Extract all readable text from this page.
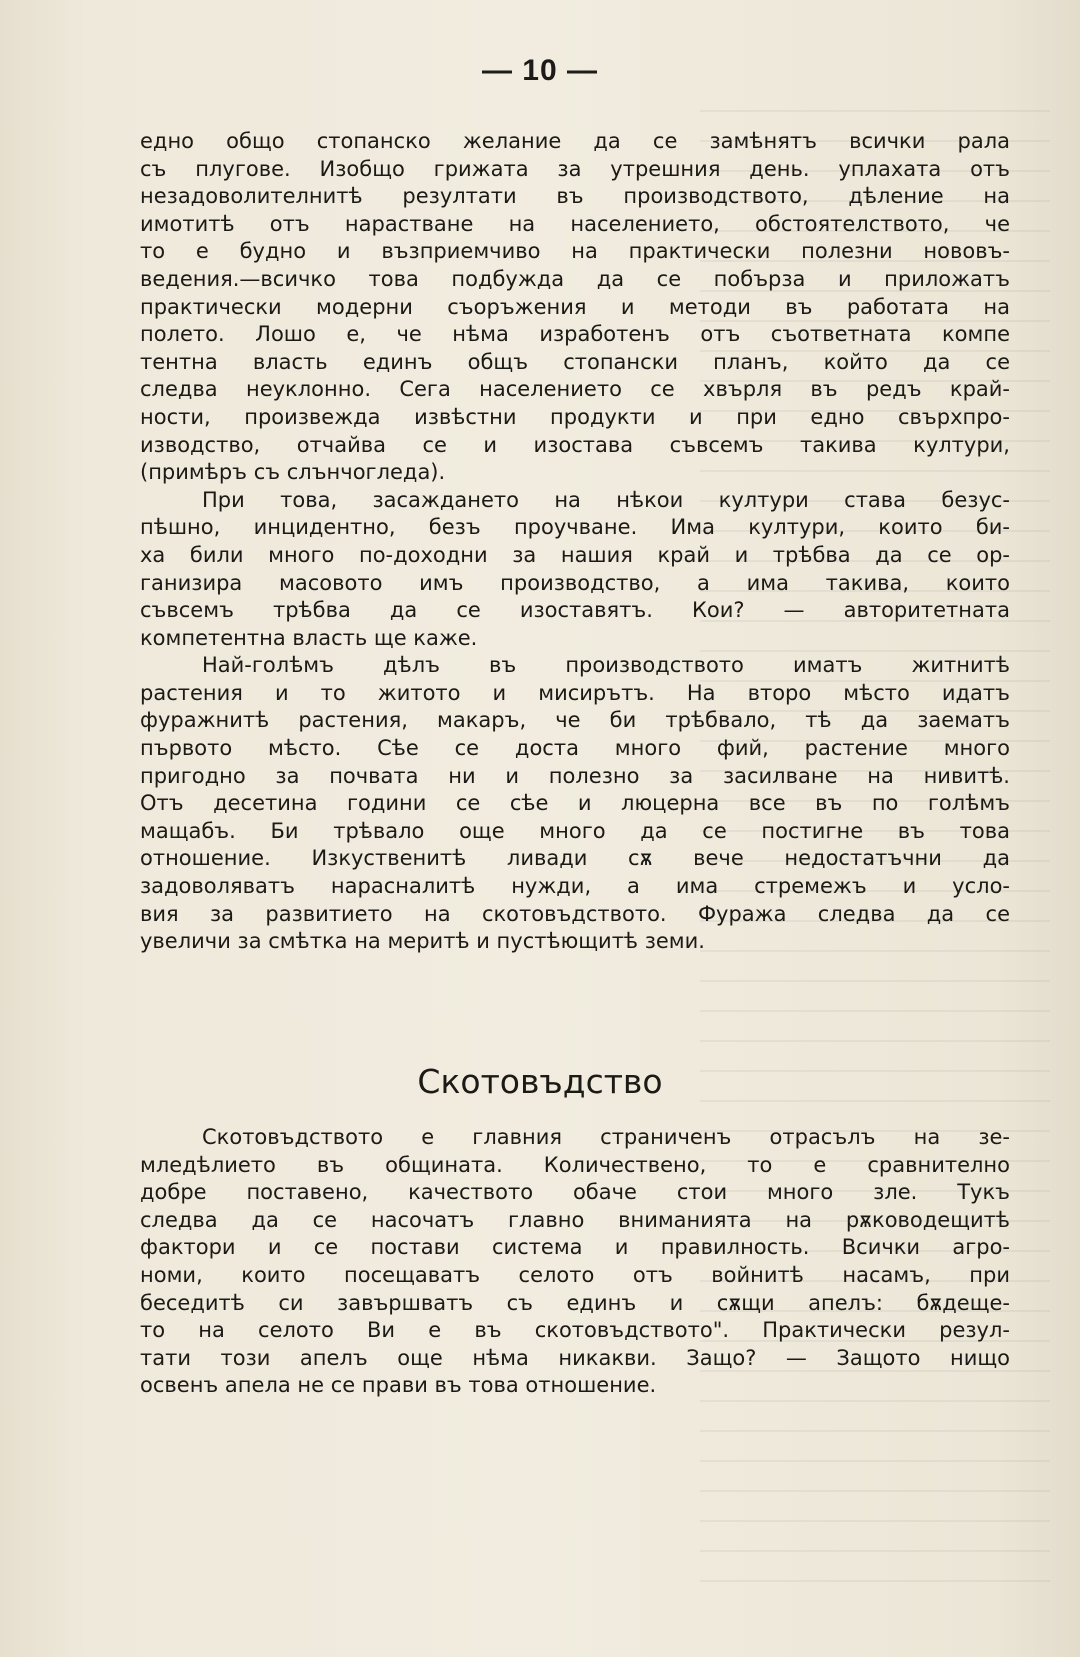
— 10 —
едно общо стопанско желание да се замѣнятъ всички рала
съ плугове. Изобщо грижата за утрешния день. уплахата отъ
незадоволителнитѣ резултати въ производството, дѣление на
имотитѣ отъ нарастване на населението, обстоятелството, че
то е будно и възприемчиво на практически полезни нововъ-
ведения.—всичко това подбужда да се побърза и приложатъ
практически модерни съоръжения и методи въ работата на
полето. Лошо е, че нѣма изработенъ отъ съответната компе
тентна власть единъ общъ стопански планъ, който да се
следва неуклонно. Сега населението се хвърля въ редъ край-
ности, произвежда извѣстни продукти и при едно свърхпро-
изводство, отчайва се и изостава съвсемъ такива култури,
(примѣръ съ слънчогледа).
При това, засаждането на нѣкои култури става безус-
пѣшно, инцидентно, безъ проучване. Има култури, които би-
ха били много по-доходни за нашия край и трѣбва да се ор-
ганизира масовото имъ производство, а има такива, които
съвсемъ трѣбва да се изоставятъ. Кои? — авторитетната
компетентна власть ще каже.
Най-голѣмъ дѣлъ въ производството иматъ житнитѣ
растения и то житото и мисирътъ. На второ мѣсто идатъ
фуражнитѣ растения, макаръ, че би трѣбвало, тѣ да заематъ
първото мѣсто. Сѣе се доста много фий, растение много
пригодно за почвата ни и полезно за засилване на нивитѣ.
Отъ десетина години се сѣе и люцерна все въ по голѣмъ
мащабъ. Би трѣвало още много да се постигне въ това
отношение. Изкуственитѣ ливади сѫ вече недостатъчни да
задоволяватъ нарасналитѣ нужди, а има стремежъ и усло-
вия за развитието на скотовъдството. Фуража следва да се
увеличи за смѣтка на меритѣ и пустѣющитѣ земи.
Скотовъдство
Скотовъдството е главния страниченъ отрасълъ на зе-
мледѣлието въ общината. Количествено, то е сравнително
добре поставено, качеството обаче стои много зле. Тукъ
следва да се насочатъ главно вниманията на рѫководещитѣ
фактори и се постави система и правилность. Всички агро-
номи, които посещаватъ селото отъ войнитѣ насамъ, при
беседитѣ си завършватъ съ единъ и сѫщи апелъ: бѫдеще-
то на селото Ви е въ скотовъдството". Практически резул-
тати този апелъ още нѣма никакви. Защо? — Защото нищо
освенъ апела не се прави въ това отношение.
